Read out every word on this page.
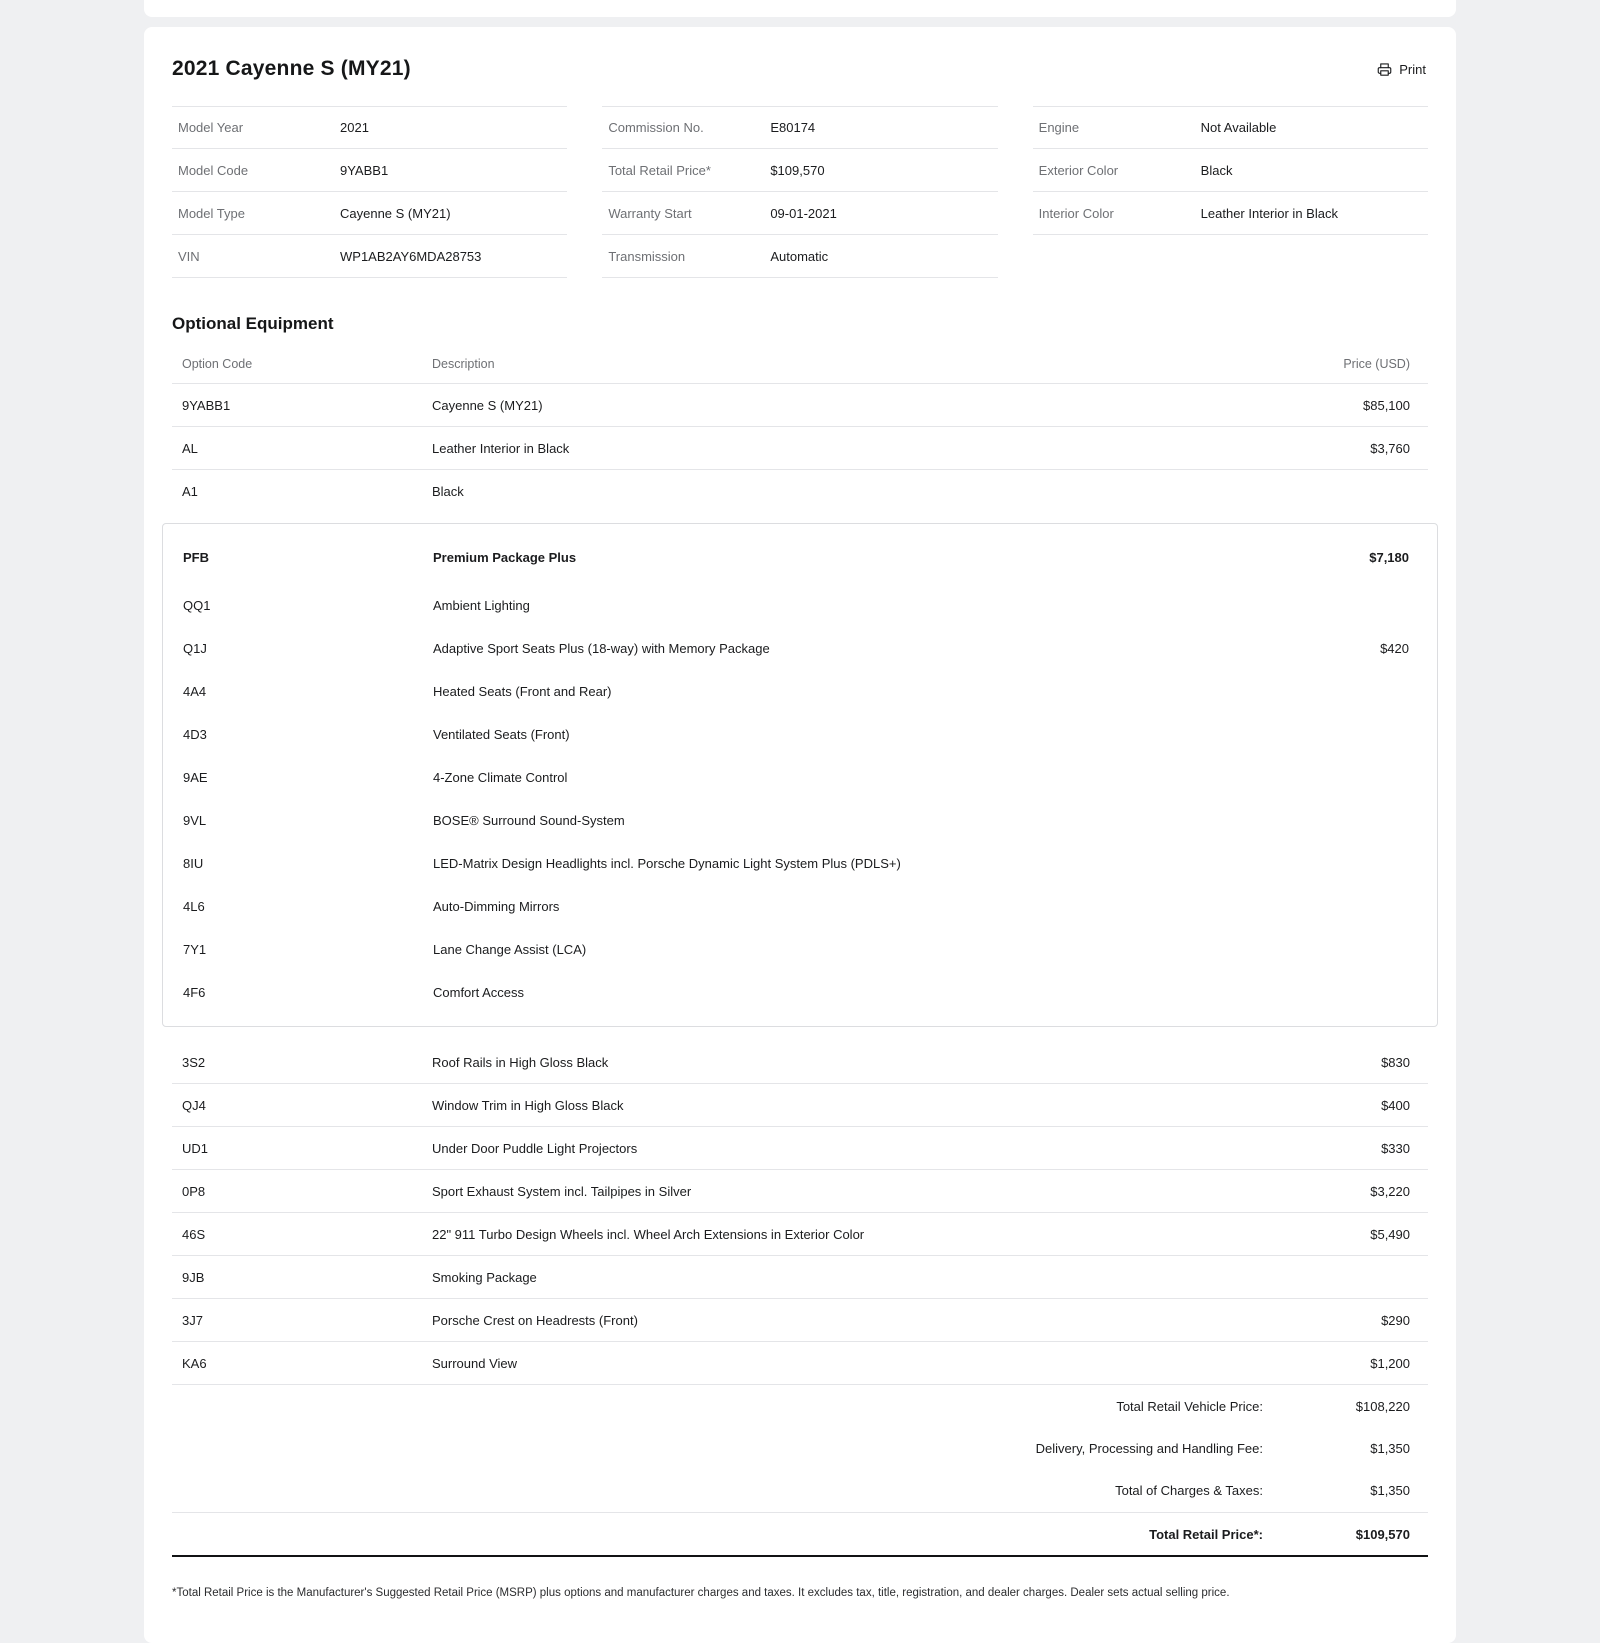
2021 Cayenne S (MY21)	Print
Model Year	2021
Model Code	9YABB1
Model Type	Cayenne S (MY21)
VIN	WP1AB2AY6MDA28753
Commission No.	E80174
Total Retail Price*	$109,570
Warranty Start	09-01-2021
Transmission	Automatic
Engine	Not Available
Exterior Color	Black
Interior Color	Leather Interior in Black
Optional Equipment
Option Code	Description	Price (USD)
9YABB1	Cayenne S (MY21)	$85,100
AL	Leather Interior in Black	$3,760
A1	Black
PFB	Premium Package Plus	$7,180
QQ1	Ambient Lighting
Q1J	Adaptive Sport Seats Plus (18-way) with Memory Package	$420
4A4	Heated Seats (Front and Rear)
4D3	Ventilated Seats (Front)
9AE	4-Zone Climate Control
9VL	BOSE® Surround Sound-System
8IU	LED-Matrix Design Headlights incl. Porsche Dynamic Light System Plus (PDLS+)
4L6	Auto-Dimming Mirrors
7Y1	Lane Change Assist (LCA)
4F6	Comfort Access
3S2	Roof Rails in High Gloss Black	$830
QJ4	Window Trim in High Gloss Black	$400
UD1	Under Door Puddle Light Projectors	$330
0P8	Sport Exhaust System incl. Tailpipes in Silver	$3,220
46S	22" 911 Turbo Design Wheels incl. Wheel Arch Extensions in Exterior Color	$5,490
9JB	Smoking Package
3J7	Porsche Crest on Headrests (Front)	$290
KA6	Surround View	$1,200
Total Retail Vehicle Price:	$108,220
Delivery, Processing and Handling Fee:	$1,350
Total of Charges & Taxes:	$1,350
Total Retail Price*:	$109,570

*Total Retail Price is the Manufacturer's Suggested Retail Price (MSRP) plus options and manufacturer charges and taxes. It excludes tax, title, registration, and dealer charges. Dealer sets actual selling price.
